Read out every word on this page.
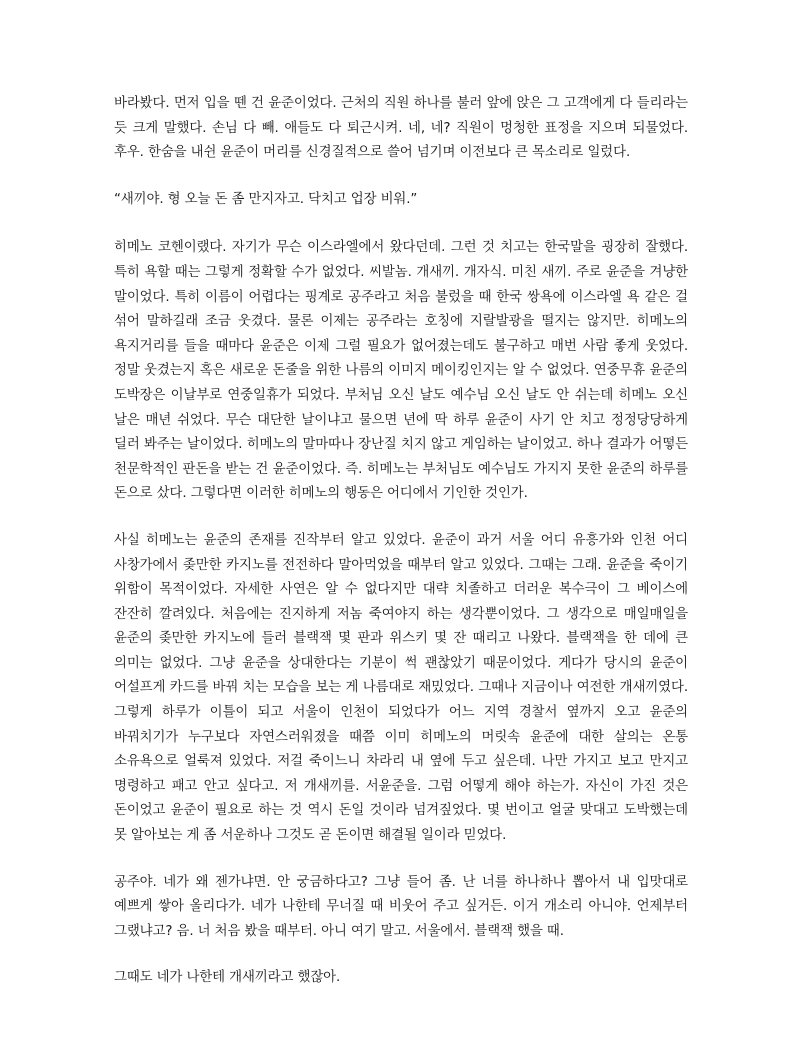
바라봤다. 먼저 입을 뗀 건 윤준이었다. 근처의 직원 하나를 불러 앞에 앉은 그 고객에게 다 들리라는 듯 크게 말했다. 손님 다 빼. 애들도 다 퇴근시켜. 네, 네? 직원이 멍청한 표정을 지으며 되물었다. 후우. 한숨을 내쉰 윤준이 머리를 신경질적으로 쓸어 넘기며 이전보다 큰 목소리로 일렀다.

“새끼야. 형 오늘 돈 좀 만지자고. 닥치고 업장 비워.”

히메노 코헨이랬다. 자기가 무슨 이스라엘에서 왔다던데. 그런 것 치고는 한국말을 굉장히 잘했다. 특히 욕할 때는 그렇게 정확할 수가 없었다. 씨발놈. 개새끼. 개자식. 미친 새끼. 주로 윤준을 겨냥한 말이었다. 특히 이름이 어렵다는 핑계로 공주라고 처음 불렀을 때 한국 쌍욕에 이스라엘 욕 같은 걸 섞어 말하길래 조금 웃겼다. 물론 이제는 공주라는 호칭에 지랄발광을 떨지는 않지만. 히메노의 욕지거리를 들을 때마다 윤준은 이제 그럴 필요가 없어졌는데도 불구하고 매번 사람 좋게 웃었다. 정말 웃겼는지 혹은 새로운 돈줄을 위한 나름의 이미지 메이킹인지는 알 수 없었다. 연중무휴 윤준의 도박장은 이날부로 연중일휴가 되었다. 부처님 오신 날도 예수님 오신 날도 안 쉬는데 히메노 오신 날은 매년 쉬었다. 무슨 대단한 날이냐고 물으면 년에 딱 하루 윤준이 사기 안 치고 정정당당하게 딜러 봐주는 날이었다. 히메노의 말마따나 장난질 치지 않고 게임하는 날이었고. 하나 결과가 어떻든 천문학적인 판돈을 받는 건 윤준이었다. 즉. 히메노는 부처님도 예수님도 가지지 못한 윤준의 하루를 돈으로 샀다. 그렇다면 이러한 히메노의 행동은 어디에서 기인한 것인가.

사실 히메노는 윤준의 존재를 진작부터 알고 있었다. 윤준이 과거 서울 어디 유흥가와 인천 어디 사창가에서 좆만한 카지노를 전전하다 말아먹었을 때부터 알고 있었다. 그때는 그래. 윤준을 죽이기 위함이 목적이었다. 자세한 사연은 알 수 없다지만 대략 치졸하고 더러운 복수극이 그 베이스에 잔잔히 깔려있다. 처음에는 진지하게 저놈 죽여야지 하는 생각뿐이었다. 그 생각으로 매일매일을 윤준의 좆만한 카지노에 들러 블랙잭 몇 판과 위스키 몇 잔 때리고 나왔다. 블랙잭을 한 데에 큰 의미는 없었다. 그냥 윤준을 상대한다는 기분이 썩 괜찮았기 때문이었다. 게다가 당시의 윤준이 어설프게 카드를 바꿔 치는 모습을 보는 게 나름대로 재밌었다. 그때나 지금이나 여전한 개새끼였다. 그렇게 하루가 이틀이 되고 서울이 인천이 되었다가 어느 지역 경찰서 옆까지 오고 윤준의 바꿔치기가 누구보다 자연스러워졌을 때쯤 이미 히메노의 머릿속 윤준에 대한 살의는 온통 소유욕으로 얼룩져 있었다. 저걸 죽이느니 차라리 내 옆에 두고 싶은데. 나만 가지고 보고 만지고 명령하고 패고 안고 싶다고. 저 개새끼를. 서윤준을. 그럼 어떻게 해야 하는가. 자신이 가진 것은 돈이었고 윤준이 필요로 하는 것 역시 돈일 것이라 넘겨짚었다. 몇 번이고 얼굴 맞대고 도박했는데 못 알아보는 게 좀 서운하나 그것도 곧 돈이면 해결될 일이라 믿었다.

공주야. 네가 왜 젠가냐면. 안 궁금하다고? 그냥 들어 좀. 난 너를 하나하나 뽑아서 내 입맛대로 예쁘게 쌓아 올리다가. 네가 나한테 무너질 때 비웃어 주고 싶거든. 이거 개소리 아니야. 언제부터 그랬냐고? 음. 너 처음 봤을 때부터. 아니 여기 말고. 서울에서. 블랙잭 했을 때.

그때도 네가 나한테 개새끼라고 했잖아.
